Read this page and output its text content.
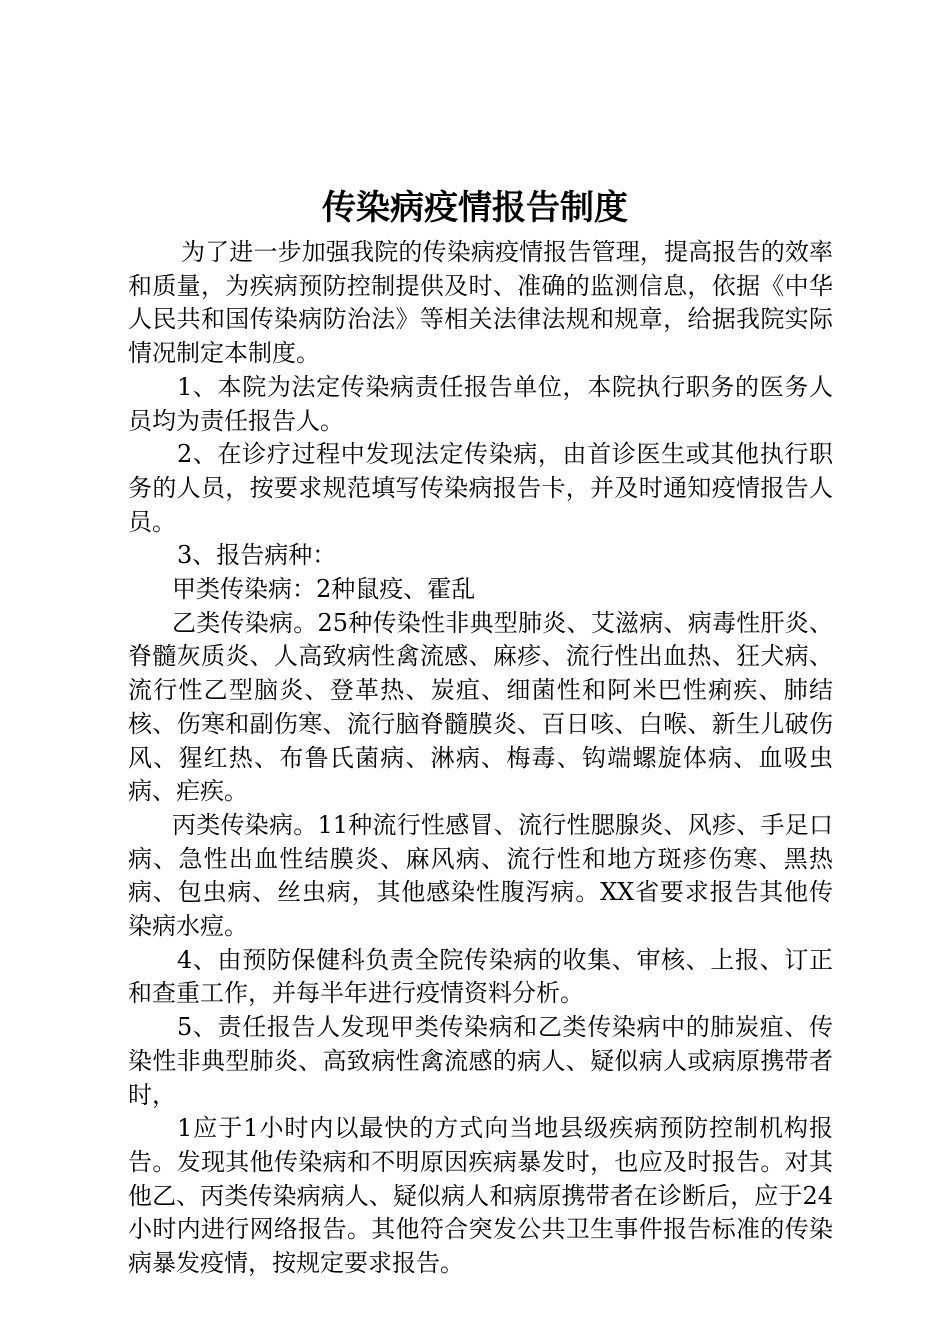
传染病疫情报告制度

为了进一步加强我院的传染病疫情报告管理，提高报告的效率和质量，为疾病预防控制提供及时、准确的监测信息，依据《中华人民共和国传染病防治法》等相关法律法规和规章，给据我院实际情况制定本制度。

1、本院为法定传染病责任报告单位，本院执行职务的医务人员均为责任报告人。

2、在诊疗过程中发现法定传染病，由首诊医生或其他执行职务的人员，按要求规范填写传染病报告卡，并及时通知疫情报告人员。

3、报告病种：

甲类传染病：2种鼠疫、霍乱

乙类传染病。25种传染性非典型肺炎、艾滋病、病毒性肝炎、脊髓灰质炎、人高致病性禽流感、麻疹、流行性出血热、狂犬病、流行性乙型脑炎、登革热、炭疽、细菌性和阿米巴性痢疾、肺结核、伤寒和副伤寒、流行脑脊髓膜炎、百日咳、白喉、新生儿破伤风、猩红热、布鲁氏菌病、淋病、梅毒、钩端螺旋体病、血吸虫病、疟疾。

丙类传染病。11种流行性感冒、流行性腮腺炎、风疹、手足口病、急性出血性结膜炎、麻风病、流行性和地方斑疹伤寒、黑热病、包虫病、丝虫病，其他感染性腹泻病。XX省要求报告其他传染病水痘。

4、由预防保健科负责全院传染病的收集、审核、上报、订正和查重工作，并每半年进行疫情资料分析。

5、责任报告人发现甲类传染病和乙类传染病中的肺炭疽、传染性非典型肺炎、高致病性禽流感的病人、疑似病人或病原携带者时，

1应于1小时内以最快的方式向当地县级疾病预防控制机构报告。发现其他传染病和不明原因疾病暴发时，也应及时报告。对其他乙、丙类传染病病人、疑似病人和病原携带者在诊断后，应于24小时内进行网络报告。其他符合突发公共卫生事件报告标准的传染病暴发疫情，按规定要求报告。
